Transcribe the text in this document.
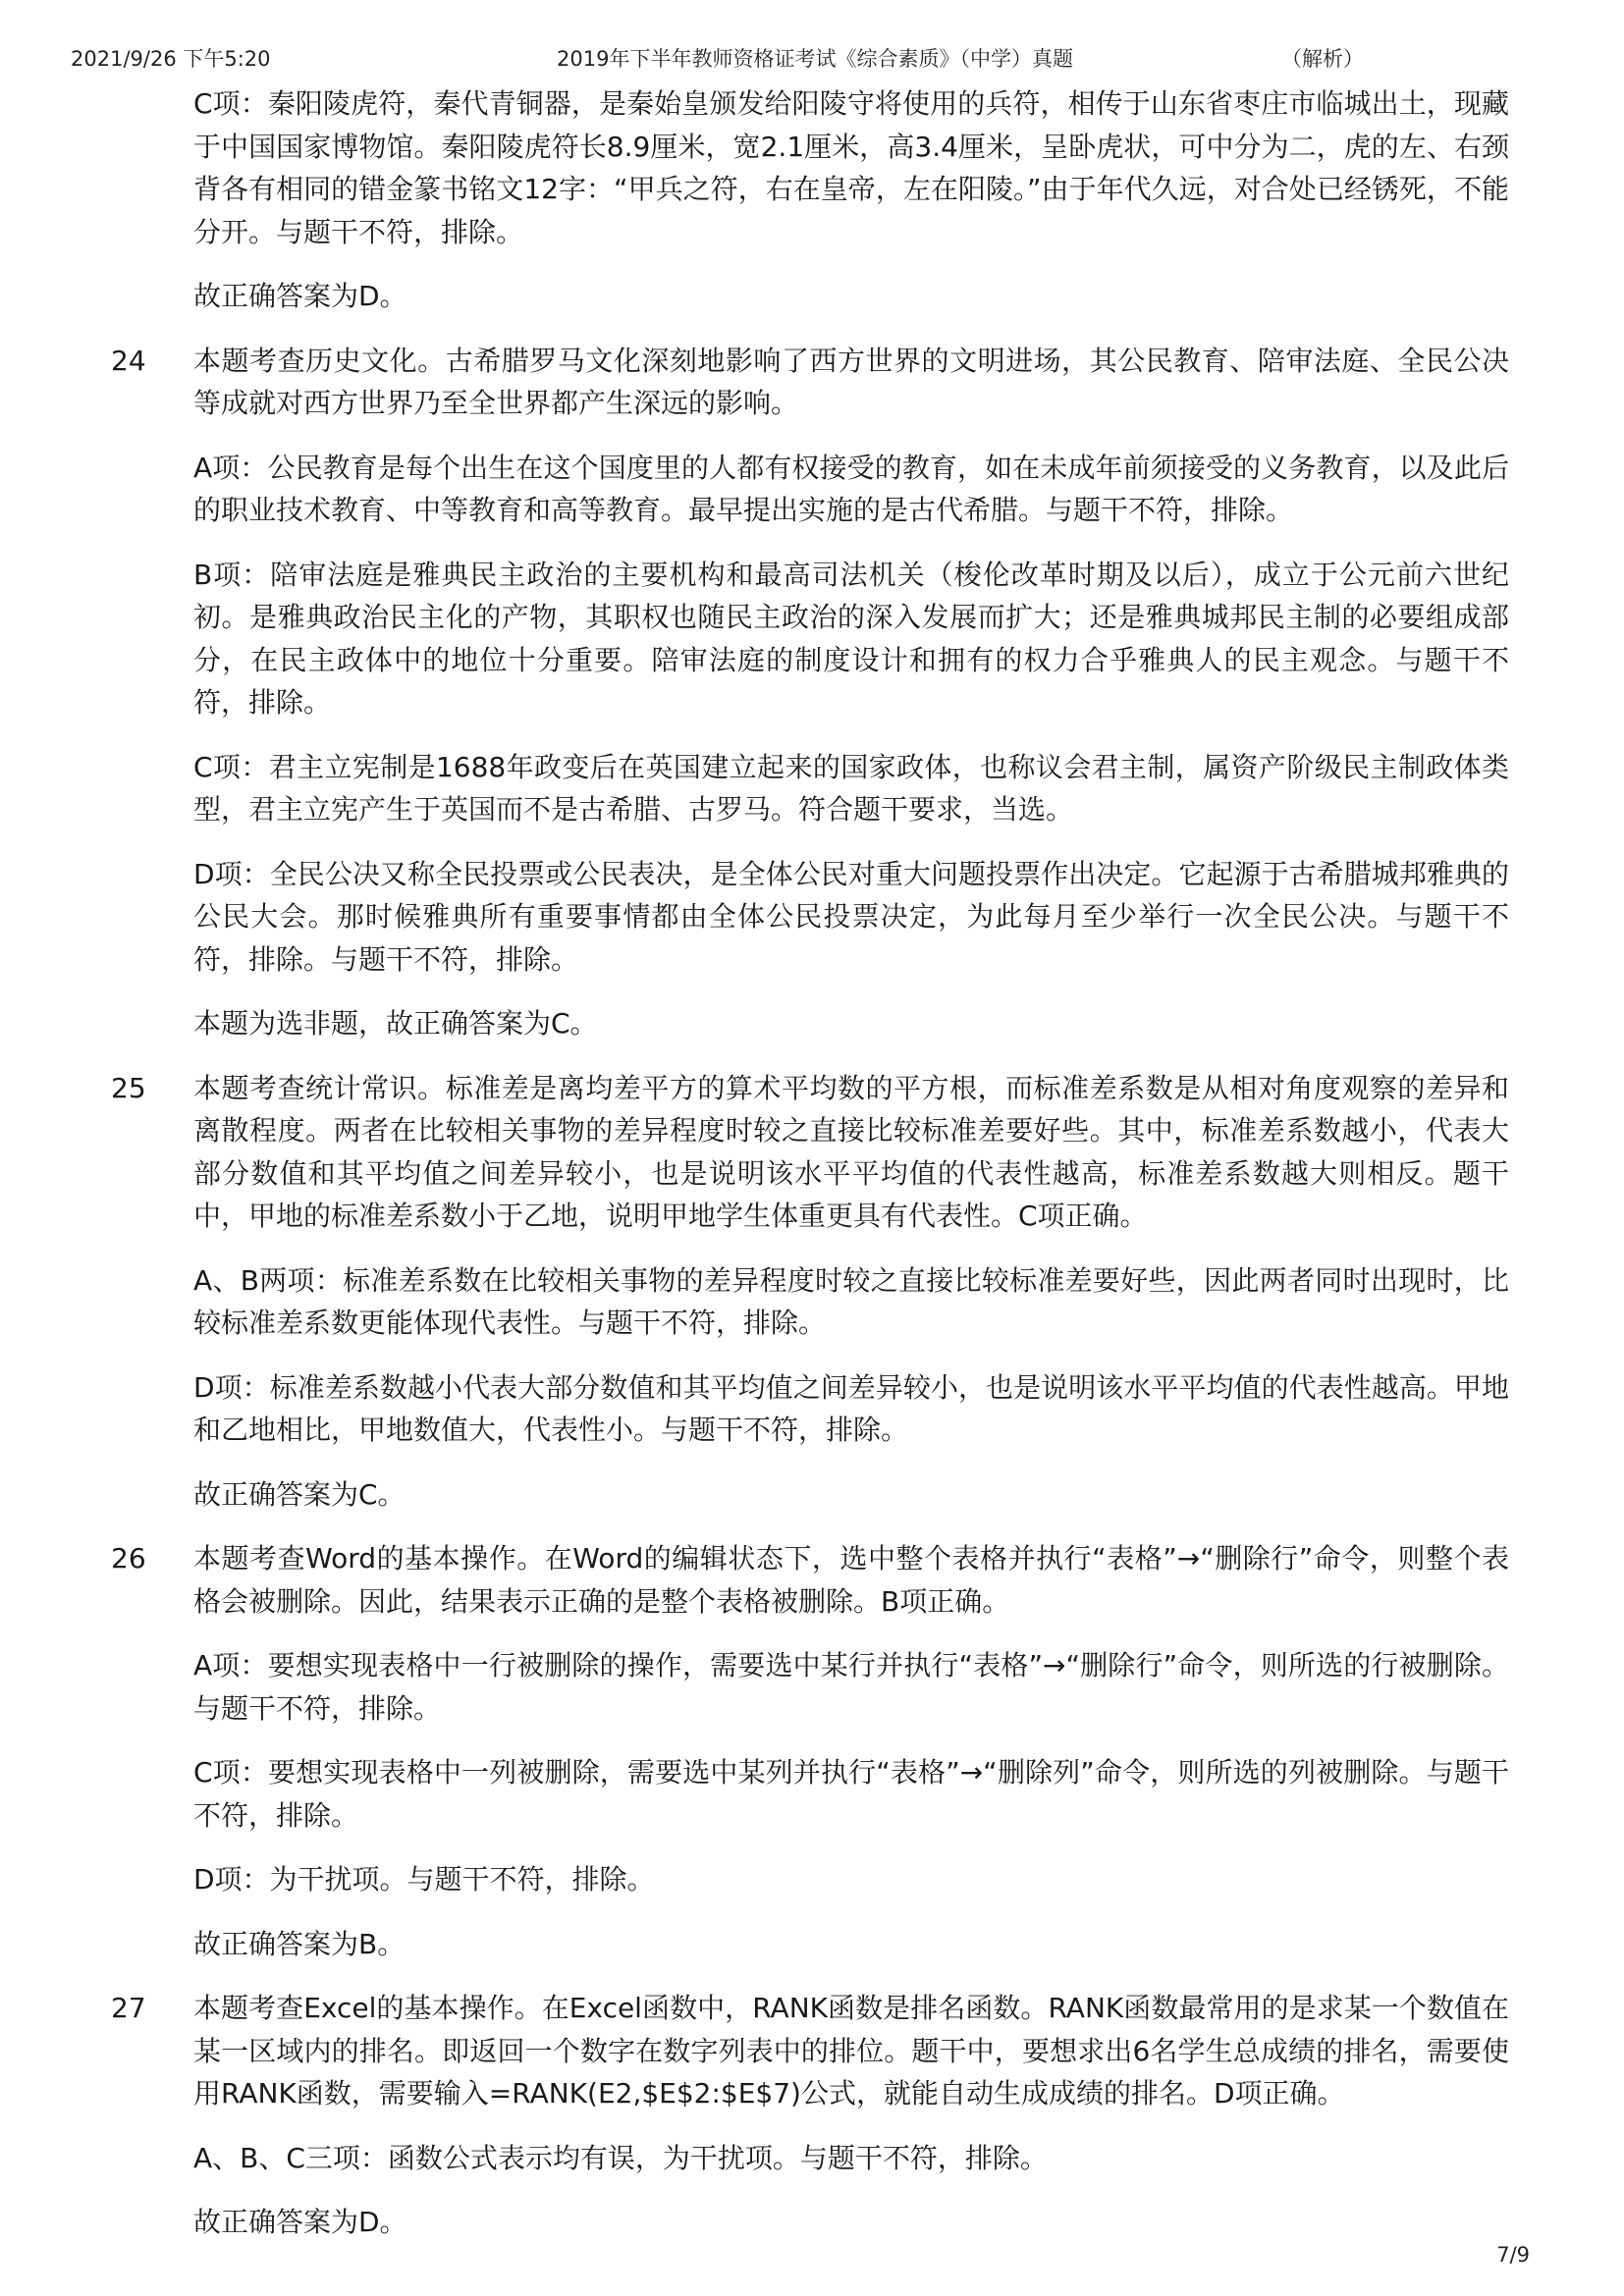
2021/9/26 下午5:20	2019年下半年教师资格证考试《综合素质》（中学）真题	（解析）
C项：秦阳陵虎符，秦代青铜器，是秦始皇颁发给阳陵守将使用的兵符，相传于山东省枣庄市临城出土，现藏于中国国家博物馆。秦阳陵虎符长8.9厘米，宽2.1厘米，高3.4厘米，呈卧虎状，可中分为二，虎的左、右颈背各有相同的错金篆书铭文12字：“甲兵之符，右在皇帝，左在阳陵。”由于年代久远，对合处已经锈死，不能分开。与题干不符，排除。
故正确答案为D。
24 本题考查历史文化。古希腊罗马文化深刻地影响了西方世界的文明进场，其公民教育、陪审法庭、全民公决等成就对西方世界乃至全世界都产生深远的影响。
A项：公民教育是每个出生在这个国度里的人都有权接受的教育，如在未成年前须接受的义务教育，以及此后的职业技术教育、中等教育和高等教育。最早提出实施的是古代希腊。与题干不符，排除。
B项：陪审法庭是雅典民主政治的主要机构和最高司法机关（梭伦改革时期及以后），成立于公元前六世纪初。是雅典政治民主化的产物，其职权也随民主政治的深入发展而扩大；还是雅典城邦民主制的必要组成部分，在民主政体中的地位十分重要。陪审法庭的制度设计和拥有的权力合乎雅典人的民主观念。与题干不符，排除。
C项：君主立宪制是1688年政变后在英国建立起来的国家政体，也称议会君主制，属资产阶级民主制政体类型，君主立宪产生于英国而不是古希腊、古罗马。符合题干要求，当选。
D项：全民公决又称全民投票或公民表决，是全体公民对重大问题投票作出决定。它起源于古希腊城邦雅典的公民大会。那时候雅典所有重要事情都由全体公民投票决定，为此每月至少举行一次全民公决。与题干不符，排除。与题干不符，排除。
本题为选非题，故正确答案为C。
25 本题考查统计常识。标准差是离均差平方的算术平均数的平方根，而标准差系数是从相对角度观察的差异和离散程度。两者在比较相关事物的差异程度时较之直接比较标准差要好些。其中，标准差系数越小，代表大部分数值和其平均值之间差异较小，也是说明该水平平均值的代表性越高，标准差系数越大则相反。题干中，甲地的标准差系数小于乙地，说明甲地学生体重更具有代表性。C项正确。
A、B两项：标准差系数在比较相关事物的差异程度时较之直接比较标准差要好些，因此两者同时出现时，比较标准差系数更能体现代表性。与题干不符，排除。
D项：标准差系数越小代表大部分数值和其平均值之间差异较小，也是说明该水平平均值的代表性越高。甲地和乙地相比，甲地数值大，代表性小。与题干不符，排除。
故正确答案为C。
26 本题考查Word的基本操作。在Word的编辑状态下，选中整个表格并执行“表格”→“删除行”命令，则整个表格会被删除。因此，结果表示正确的是整个表格被删除。B项正确。
A项：要想实现表格中一行被删除的操作，需要选中某行并执行“表格”→“删除行”命令，则所选的行被删除。与题干不符，排除。
C项：要想实现表格中一列被删除，需要选中某列并执行“表格”→“删除列”命令，则所选的列被删除。与题干不符，排除。
D项：为干扰项。与题干不符，排除。
故正确答案为B。
27 本题考查Excel的基本操作。在Excel函数中，RANK函数是排名函数。RANK函数最常用的是求某一个数值在某一区域内的排名。即返回一个数字在数字列表中的排位。题干中，要想求出6名学生总成绩的排名，需要使用RANK函数，需要输入=RANK(E2,$E$2:$E$7)公式，就能自动生成成绩的排名。D项正确。
A、B、C三项：函数公式表示均有误，为干扰项。与题干不符，排除。
故正确答案为D。
7/9
